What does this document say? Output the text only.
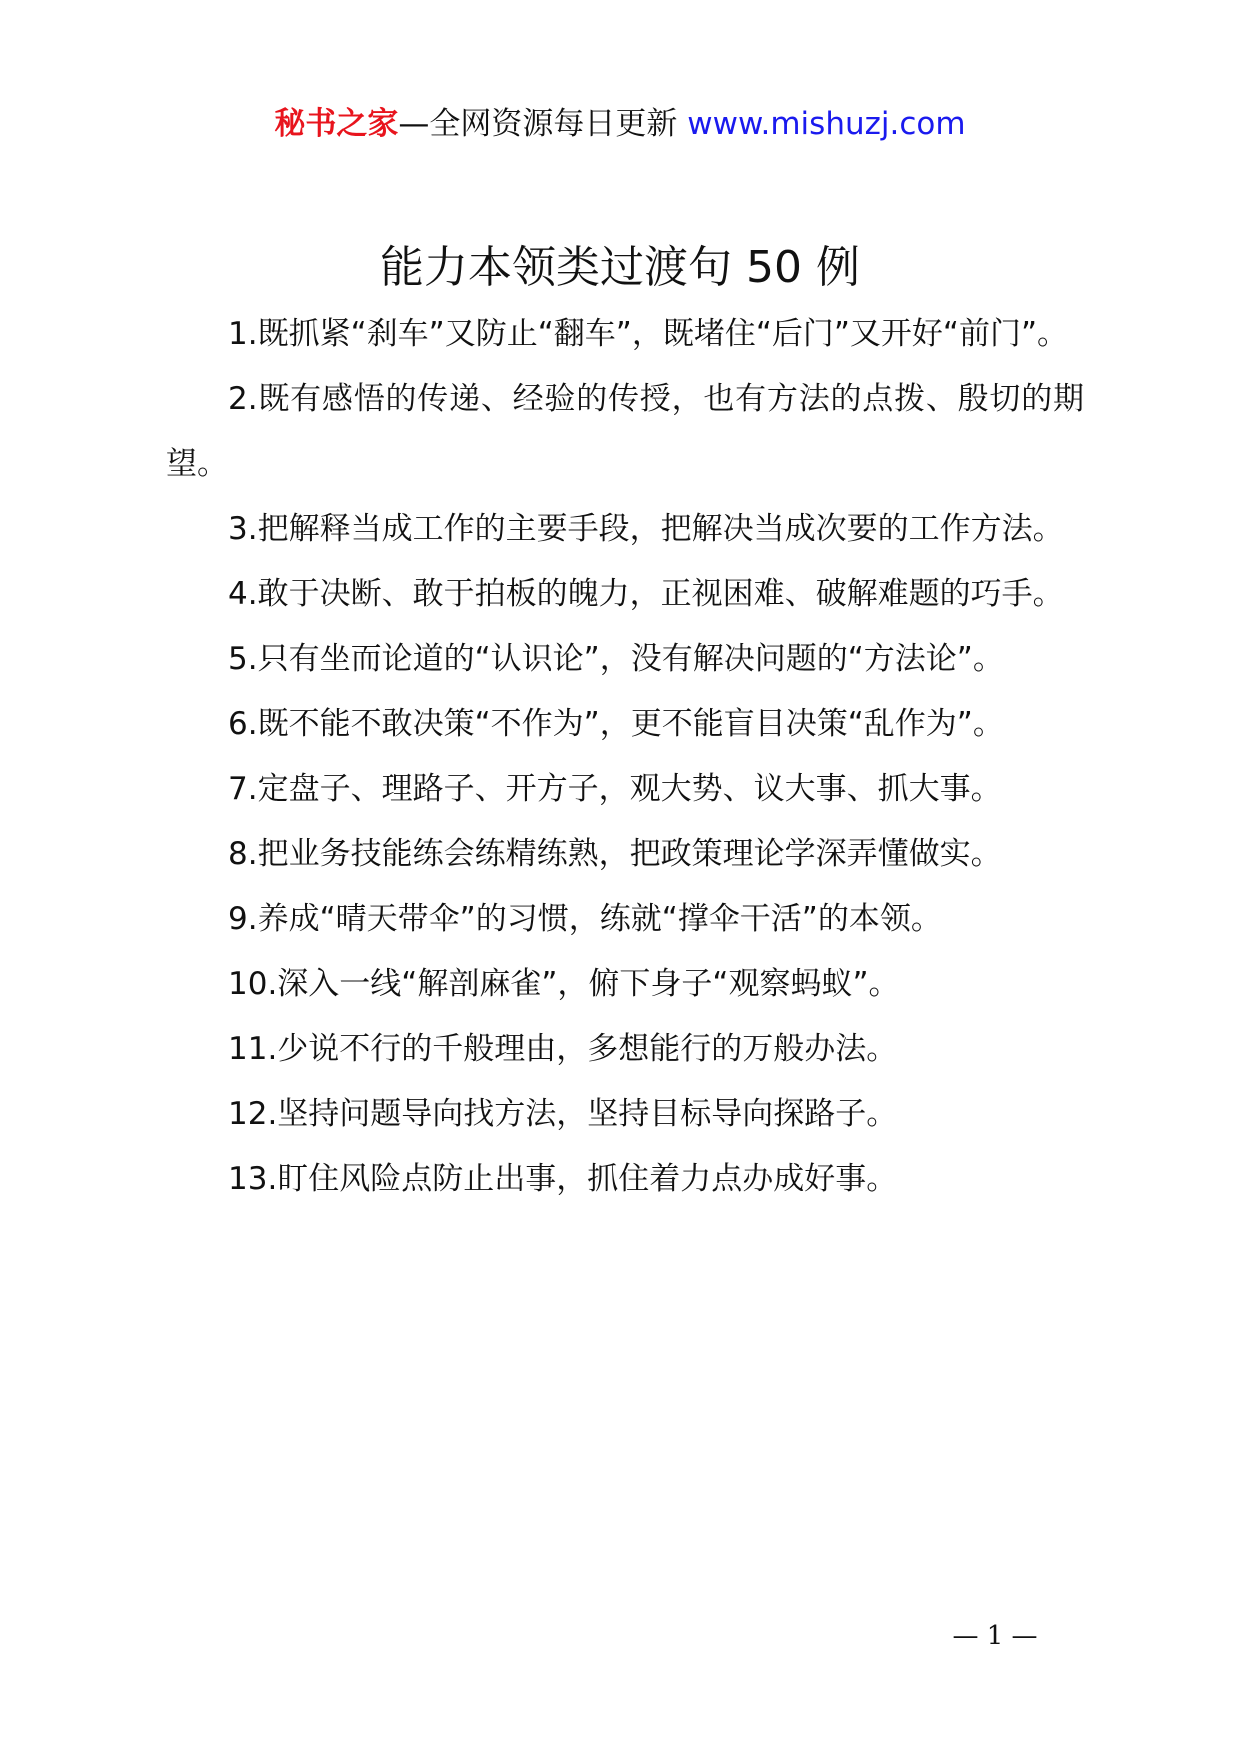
秘书之家—全网资源每日更新 www.mishuzj.com
能力本领类过渡句 50 例

1.既抓紧“刹车”又防止“翻车”，既堵住“后门”又开好“前门”。

2.既有感悟的传递、经验的传授，也有方法的点拨、殷切的期望。

3.把解释当成工作的主要手段，把解决当成次要的工作方法。

4.敢于决断、敢于拍板的魄力，正视困难、破解难题的巧手。

5.只有坐而论道的“认识论”，没有解决问题的“方法论”。

6.既不能不敢决策“不作为”，更不能盲目决策“乱作为”。

7.定盘子、理路子、开方子，观大势、议大事、抓大事。

8.把业务技能练会练精练熟，把政策理论学深弄懂做实。

9.养成“晴天带伞”的习惯，练就“撑伞干活”的本领。

10.深入一线“解剖麻雀”，俯下身子“观察蚂蚁”。

11.少说不行的千般理由，多想能行的万般办法。

12.坚持问题导向找方法，坚持目标导向探路子。

13.盯住风险点防止出事，抓住着力点办成好事。

— 1 —
